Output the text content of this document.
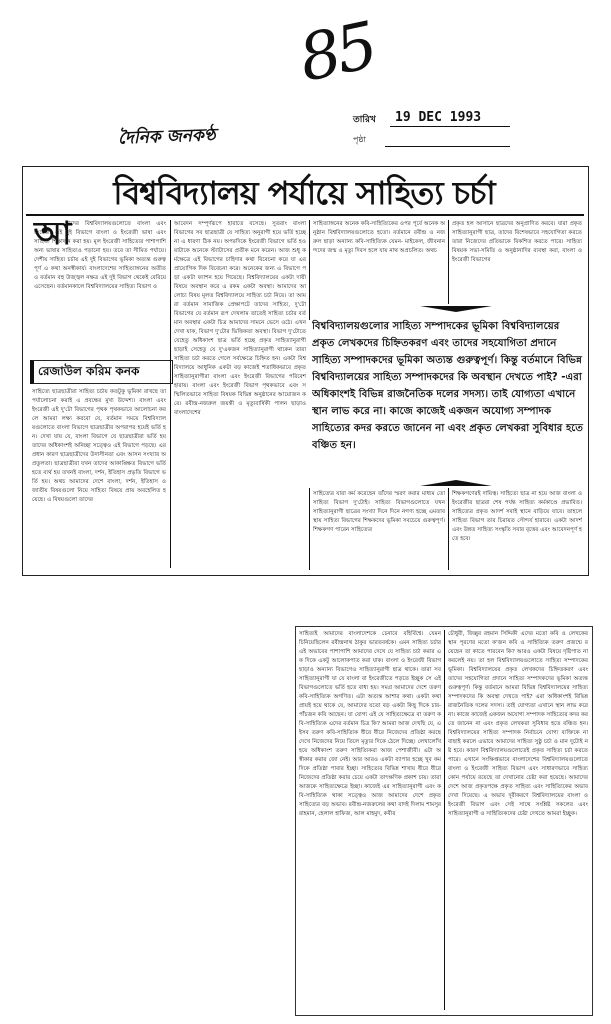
85
তারিখ 19 DEC 1993
পৃষ্ঠা
দৈনিক জনকণ্ঠ
বিশ্ববিদ্যালয় পর্যায়ে সাহিত্য চর্চা
আ

মাদের বিশ্ববিদ্যালয়গুলোতে বাংলা এবং ইংরেজী এই দুই বিভাগে বাংলা ও ইংরেজী ভাষা এবং সাহিত্য শিক্ষাদান করা হয়। মূল ইংরেজী সাহিত্যের পাশাপাশি অন্য ভাষার সাহিত্যও পড়ানো হয়। তবে তা সীমিত পর্যায়ে। দেশীয় সাহিত্য চর্চায় এই দুই বিভাগের ভূমিকা অত্যন্ত গুরুত্বপূর্ণ এ কথা অনস্বীকার্য। বাংলাদেশের সাহিত্যাঙ্গনের অতীত ও বর্তমান বহু উজ্জ্বল নক্ষত্র এই দুই বিভাগ থেকেই বেরিয়ে এসেছেন। বর্তমানকালে বিশ্ববিদ্যালয়ের সাহিত্য বিভাগ ও

রেজাউল করিম কনক

সাহিত্যে ছাত্রছাত্রীরা সাহিত্য চর্চায় কতটুকু ভূমিকা রাখছে তা পর্যালোচনা করাই এ প্রবন্ধের মুখ্য উদ্দেশ্য। বাংলা এবং ইংরেজী এই দু'টো বিভাগের পৃথক পৃথকভাবে আলোচনা করলে আমরা লক্ষ্য করবো যে, বর্তমান সময়ে বিশ্ববিদ্যালয়গুলোতে বাংলা বিভাগে ছাত্রছাত্রীর অপরাপর হয়েই ভর্তি হন। দেখা যায় যে, বাংলা বিভাগে যে ছাত্রছাত্রীরা ভর্তি হয় তাদের অধিকাংশই অনিচ্ছা সত্ত্বেও এই বিভাগে পড়ছে। এর প্রধান কারণ ছাত্রছাত্রীদের উদাসীনতা এবং আসন সংখ্যার অপ্রতুলতা। ছাত্রছাত্রীরা যখন তাদের আকাঙ্ক্ষিত বিভাগে ভর্তি হতে ব্যর্থ হয় তখনই বাংলা, দর্শন, ইতিহাস প্রভৃতি বিভাগে ভর্তি হয়। অথচ আমাদের দেশে বাংলা, দর্শন, ইতিহাস ও জাতীয় বিষয়গুলো নিয়ে সাহিত্য বিষয়ে প্রায় অবহেলিত হয়েছে। এ বিষয়গুলো তাদের

আবেদন সম্পূর্ণরূপে হারাতে বসেছে। সুতরাং বাংলা বিভাগের সব ছাত্রছাত্রী যে সাহিত্য অনুরাগী হয়ে ভর্তি হচ্ছে না এ ধারণা ঠিক নয়। অপরদিকে ইংরেজী বিভাগে ভর্তি হওয়াটাকে অনেকে স্ট্যাটাসের প্রতীক মনে করেন। আজ শুধু কর্মক্ষেত্রে এই বিভাগের চাহিদার কথা বিবেচনা করে যা এর প্রায়োগিক দিক বিবেচনা করে। অনেকের জন্য এ বিভাগে পড়া একটা ফ্যাশন হয়ে গিয়েছে। বিশ্ববিদ্যালয়ের একটা দায়ী বিষয়ে অবস্থান করে এ রকম একটা অবস্থা। আমাদের আলোচ্য বিষয় মূলত বিশ্ববিদ্যালয়ে সাহিত্য চর্চা নিয়ে। তা আমরা বর্তমান সামাজিক প্রেক্ষাপটে তাদের সাহিত্য, দু'টো বিভাগের যে বর্তমান রূপ দেখলাম তাতেই সাহিত্য চর্চার বর্তমান অবস্থার একটা চিত্র আমাদের সামনে ভেসে ওঠে। এখন দেখা যাক, বিভাগ দু'টোর ভিত্তিকতা অবস্থা। বিভাগ দু'টোতে যেহেতু অধিকাংশ ছাত্র ভর্তি হচ্ছে প্রকৃত সাহিত্যানুরাগী ছাড়াই সেহেতু যে দু'একজন সাহিত্যানুরাগী থাকেন তারা সাহিত্য চর্চা করতে গেলে সর্বক্ষেত্রে চিহ্নিত হন। একটা বিশ্ববিদ্যালয়ে আধুনিক একটা বড় কাজেই শতাধিকভাবে প্রকৃত সাহিত্যানুরাগীরা বাংলা এবং ইংরেজী বিভাগের পরিবেশ হারায়। বাংলা এবং ইংরেজী বিভাগ পৃথকভাবে এবং সম্মিলিতভাবে সাহিত্য বিষয়ক বিভিন্ন অনুষ্ঠানের আয়োজন করে। রবীন্দ্র-নজরুল জয়ন্তী ও মৃত্যুবার্ষিকী পালন ছাড়াও বাংলাদেশের

সাহিত্যাঙ্গনের অনেক কবি-সাহিত্যিকের ওপর পূর্বে অনেক অনুষ্ঠান বিশ্ববিদ্যালয়গুলোতে হতো। বর্তমানে রবীন্দ্র ও নজরুল ছাড়া অন্যান্য কবি-সাহিত্যিক যেমন- মাইকেল, জীবনানন্দদের জন্ম ও মৃত্যু দিবস হলে যায় নাথ অপ্রচলিত। অথচ

প্রকৃত হল আসানে ছাত্রদের অনুপ্রাণিত করবে। যারা প্রকৃত সাহিত্যানুরাগী ছাত্র, তাদের বিশেষভাবে সহযোগিতা করতে তারা নিজেদের প্রতিভাকে বিকশিত করতে পারে। সাহিত্য বিষয়ক সভা-সমিতি ও অনুষ্ঠানাদির ব্যবস্থা করা, বাংলা ও ইংরেজী বিভাগের

বিশ্ববিদ্যালয়গুলোর সাহিত্য সম্পাদকের ভূমিকা বিশ্ববিদ্যালয়ের প্রকৃত লেখকদের চিহ্নিতকরণ এবং তাদের সহযোগিতা প্রদানে সাহিত্য সম্পাদকদের ভূমিকা অত্যন্ত গুরুত্বপূর্ণ। কিন্তু বর্তমানে বিভিন্ন বিশ্ববিদ্যালয়ের সাহিত্য সম্পাদকদের কি অবস্থান দেখতে পাই? -এরা অধিকাংশই বিভিন্ন রাজনৈতিক দলের সদস্য। তাই যোগ্যতা এখানে স্থান লাভ করে না। কাজে কাজেই একজন অযোগ্য সম্পাদক সাহিত্যের কদর করতে জানেন না এবং প্রকৃত লেখকরা সুবিধার হতে বঞ্চিত হন।

সাহিত্যের যারা কর্ম করেছেন তাঁদের স্মরণ করার মাধ্যম তো সাহিত্য বিভাগ দু'টোই। সাহিত্য বিভাগগুলোতে যখন সাহিত্যানুরাগী ছাত্রের সংখ্যা দিনে দিনে নগণ্য হচ্ছে এমতাবস্থায় সাহিত্য বিভাগের শিক্ষকদের ভূমিকা সবচেয়ে গুরুত্বপূর্ণ। শিক্ষকগণ পারেন সাহিত্যের

শিক্ষকগণেরই দায়িত্ব। সাহিত্যে ছাত্র না হয়ে আজ বাংলা ও ইংরেজীর ছাত্ররা শেষ পর্যন্ত সাহিত্য কর্মকাণ্ডে প্রভাবিত। সাহিত্যের প্রকৃত আদর্শ সবাই স্থানে বাড়িয়ে যাবে। তাহলে সাহিত্য বিভাগ তার চিরায়ত সৌন্দর্য হারাবে। একটা আদর্শ এবং উন্নত সাহিত্য সংস্কৃতি সবার বৃত্তের এবং আবেদনপূর্ণ হতে হবে।

সাহিত্যই আমাদের বাংলাদেশকে চেনাবে বহির্বিশ্বে। যেমন চিনিয়েছিলেন রবীন্দ্রনাথ ঠাকুর ভারতবর্ষকে। এমন সাহিত্য চর্চার এই অভাবের পাশাপাশি আমাদের দেখে যে সাহিত্য চর্চা করার এক দিকে একটু আলোকপাত করা যাক। বাংলা ও ইংরেজী বিভাগ ছাড়াও অন্যান্য বিভাগেও সাহিত্যানুরাগী ছাত্র থাকে। তারা সব সাহিত্যানুরাগী যা যে বাংলা বা ইংরেজীতে পড়তে ইচ্ছুক সে এই বিভাগগুলোতে ভর্তি হতে বাধ্য হয়। সমগ্র আমাদের দেশে তরুণ কবি-সাহিত্যিক অগণিত। এটা অত্যন্ত আশার কথা। একটা কথা প্রায়ই হয়ে থাকে যে, আমাদের যতো বড় একটা কিছু দিকে চার-পাঁচজন কবি আছেন। যা যোগ্য এই যে সাহিত্যক্ষেত্রে বা তরুণ কবি-সাহিত্যিক এদের বর্তমান চিত্র কি? আমরা আজ দেখছি যে, এইসব তরুণ কবি-সাহিত্যিক ধীরে ধীরে নিজেদের প্রতিষ্ঠা করছে দেখে নিজেদের নিয়ে তিলে মৃত্যুর দিকে ঠেলে দিচ্ছে। লেখালেখি হয়ে অধিকাংশ তরুণ সাহিত্যিকরা আজ পেশাজীবী। এটা অস্বীকার করার জো নেই। আর আরও একটা ব্যাপার হচ্ছে খুব কম দিকে প্রতিষ্ঠা পাবার ইচ্ছা। সাহিত্যের বিভিন্ন শাখায় ধীরে ধীরে নিজেদের প্রতিষ্ঠা করার চেয়ে একটা তাৎক্ষণিক প্রকাশ চায়। তারা আজকে সাহিত্যক্ষেত্রে ইচ্ছা। কাজেই এর সাহিত্যানুরাগী এবং কবি-সাহিত্যিক থাকা সত্ত্বেও আজ আমাদের দেশে প্রকৃত সাহিত্যের বড় অভাব। রবীন্দ্র-নজরুলের কথা বাদই দিলাম শামসুর রাহমান, হেলাল হাফিজ, আল মাহমুদ, কবীর

চৌধুরী, জিল্লুর রহমান সিদ্দিকী এদের মতো কবি ও লেখকের স্থান পূরণের মতো ক'জন কবি ও সাহিত্যিক তরুণ প্রজন্মে রয়েছেন তা কাতে পারবেন কি? আরও একটা বিষয়ে দৃষ্টিপাত না করলেই নয়। তা হল বিশ্ববিদ্যালয়গুলোতে সাহিত্য সম্পাদকের ভূমিকা। বিশ্ববিদ্যালয়ের প্রকৃত লেখকদের চিহ্নিতকরণ এবং তাদের সহযোগিতা প্রদানে সাহিত্য সম্পাদকদের ভূমিকা অত্যন্ত গুরুত্বপূর্ণ। কিন্তু বর্তমানে আমরা বিভিন্ন বিশ্ববিদ্যালয়ের সাহিত্য সম্পাদকদের কি অবস্থা দেখতে পাই? এরা অধিকাংশই বিভিন্ন রাজনৈতিক দলের সদস্য। তাই যোগ্যতা এখানে স্থান লাভ করে না। কাজে কাজেই একজন অযোগ্য সম্পাদক সাহিত্যের কদর করতে জানেন না এবং প্রকৃত লেখকরা সুবিধার হতে বঞ্চিত হন। বিশ্ববিদ্যালয়ের সাহিত্য সম্পাদক নির্বাচনে যোগ্য ব্যক্তিকে না বাছাই করলে এভাবে আমাদের সাহিত্য সুষ্ঠু চর্চা ও মান দুটোই নষ্ট হবে। কারণ বিশ্ববিদ্যালয়গুলোতেই প্রকৃত সাহিত্য চর্চা করতে পারে। এখানে সংক্ষিপ্তভাবে বাংলাদেশের বিশ্ববিদ্যালয়গুলোতে বাংলা ও ইংরেজী সাহিত্য বিভাগ এবং সাধারণভাবে সাহিত্য কোন পর্যায়ে রয়েছে তা দেখানোর চেষ্টা করা হয়েছে। আমাদের দেশে আজ প্রকৃতপক্ষে প্রকৃত সাহিত্য এবং সাহিত্যিকের অভাব দেখা দিয়েছে। এ অভাব দূরীকরণে বিশ্ববিদ্যালয়ের বাংলা ও ইংরেজী বিভাগ এবং সেই সাথে সংশ্লিষ্ট সকলের এবং সাহিত্যানুরাগী ও সাহিত্যিকদের চেষ্টা দেখতে আমরা ইচ্ছুক।
